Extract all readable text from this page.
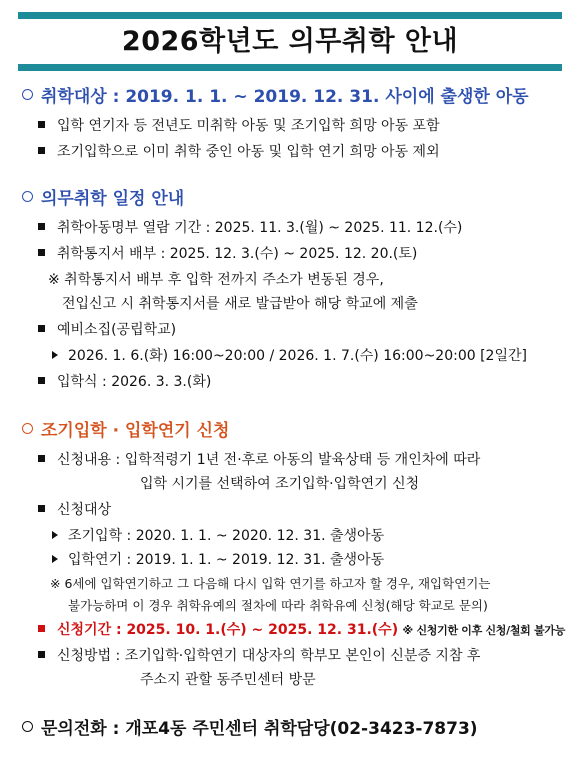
2026학년도 의무취학 안내
취학대상 : 2019. 1. 1. ~ 2019. 12. 31. 사이에 출생한 아동
입학 연기자 등 전년도 미취학 아동 및 조기입학 희망 아동 포함
조기입학으로 이미 취학 중인 아동 및 입학 연기 희망 아동 제외
의무취학 일정 안내
취학아동명부 열람 기간 : 2025. 11. 3.(월) ~ 2025. 11. 12.(수)
취학통지서 배부 : 2025. 12. 3.(수) ~ 2025. 12. 20.(토)
※ 취학통지서 배부 후 입학 전까지 주소가 변동된 경우,
전입신고 시 취학통지서를 새로 발급받아 해당 학교에 제출
예비소집(공립학교)
2026. 1. 6.(화) 16:00~20:00 / 2026. 1. 7.(수) 16:00~20:00 [2일간]
입학식 : 2026. 3. 3.(화)
조기입학 · 입학연기 신청
신청내용 : 입학적령기 1년 전·후로 아동의 발육상태 등 개인차에 따라
입학 시기를 선택하여 조기입학·입학연기 신청
신청대상
조기입학 : 2020. 1. 1. ~ 2020. 12. 31. 출생아동
입학연기 : 2019. 1. 1. ~ 2019. 12. 31. 출생아동
※ 6세에 입학연기하고 그 다음해 다시 입학 연기를 하고자 할 경우, 재입학연기는
불가능하며 이 경우 취학유예의 절차에 따라 취학유예 신청(해당 학교로 문의)
신청기간 : 2025. 10. 1.(수) ~ 2025. 12. 31.(수) ※ 신청기한 이후 신청/철회 불가능
신청방법 : 조기입학·입학연기 대상자의 학부모 본인이 신분증 지참 후
주소지 관할 동주민센터 방문
문의전화 : 개포4동 주민센터 취학담당(02-3423-7873)
